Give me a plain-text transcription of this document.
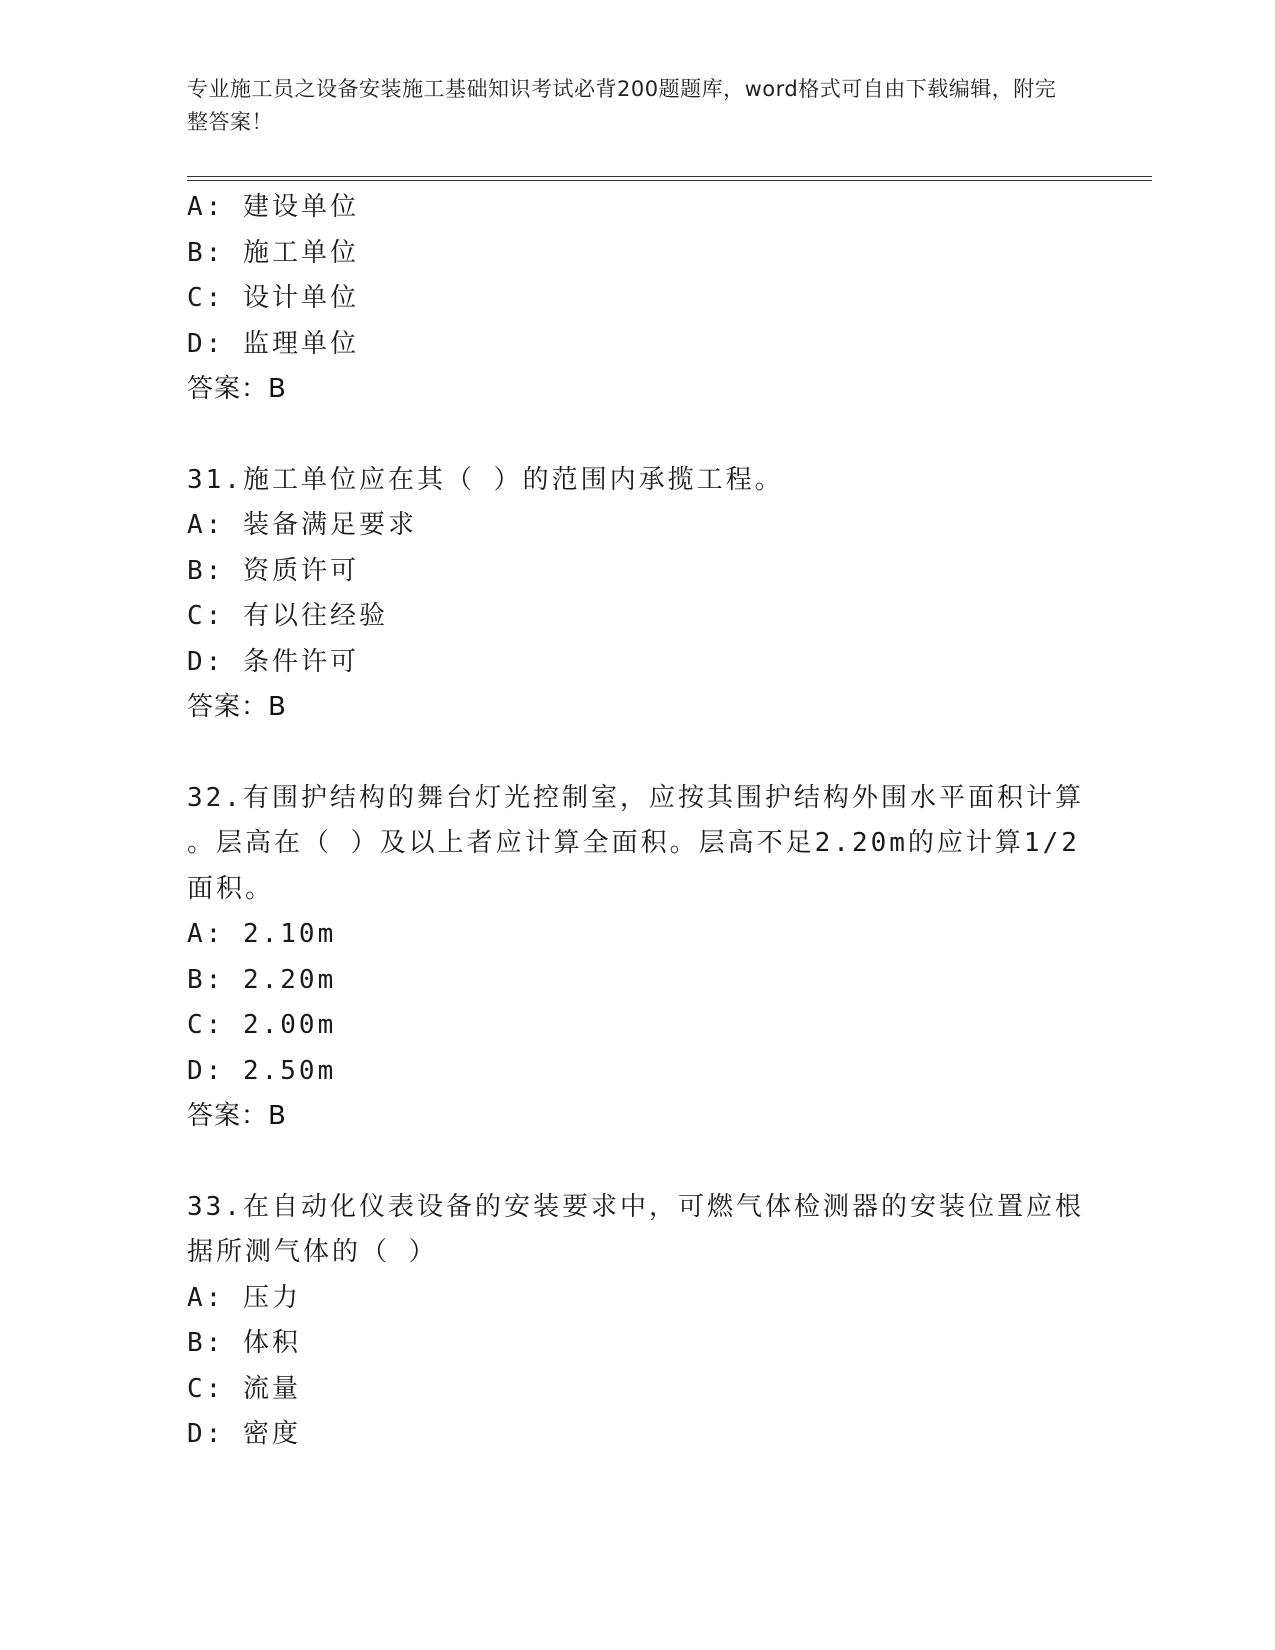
专业施工员之设备安装施工基础知识考试必背200题题库，word格式可自由下载编辑，附完整答案！
A: 建设单位
B: 施工单位
C: 设计单位
D: 监理单位
答案：B
31.施工单位应在其（ ）的范围内承揽工程。
A: 装备满足要求
B: 资质许可
C: 有以往经验
D: 条件许可
答案：B
32.有围护结构的舞台灯光控制室，应按其围护结构外围水平面积计算
。层高在（ ）及以上者应计算全面积。层高不足2.20m的应计算1/2
面积。
A: 2.10m
B: 2.20m
C: 2.00m
D: 2.50m
答案：B
33.在自动化仪表设备的安装要求中，可燃气体检测器的安装位置应根
据所测气体的（ ）
A: 压力
B: 体积
C: 流量
D: 密度
